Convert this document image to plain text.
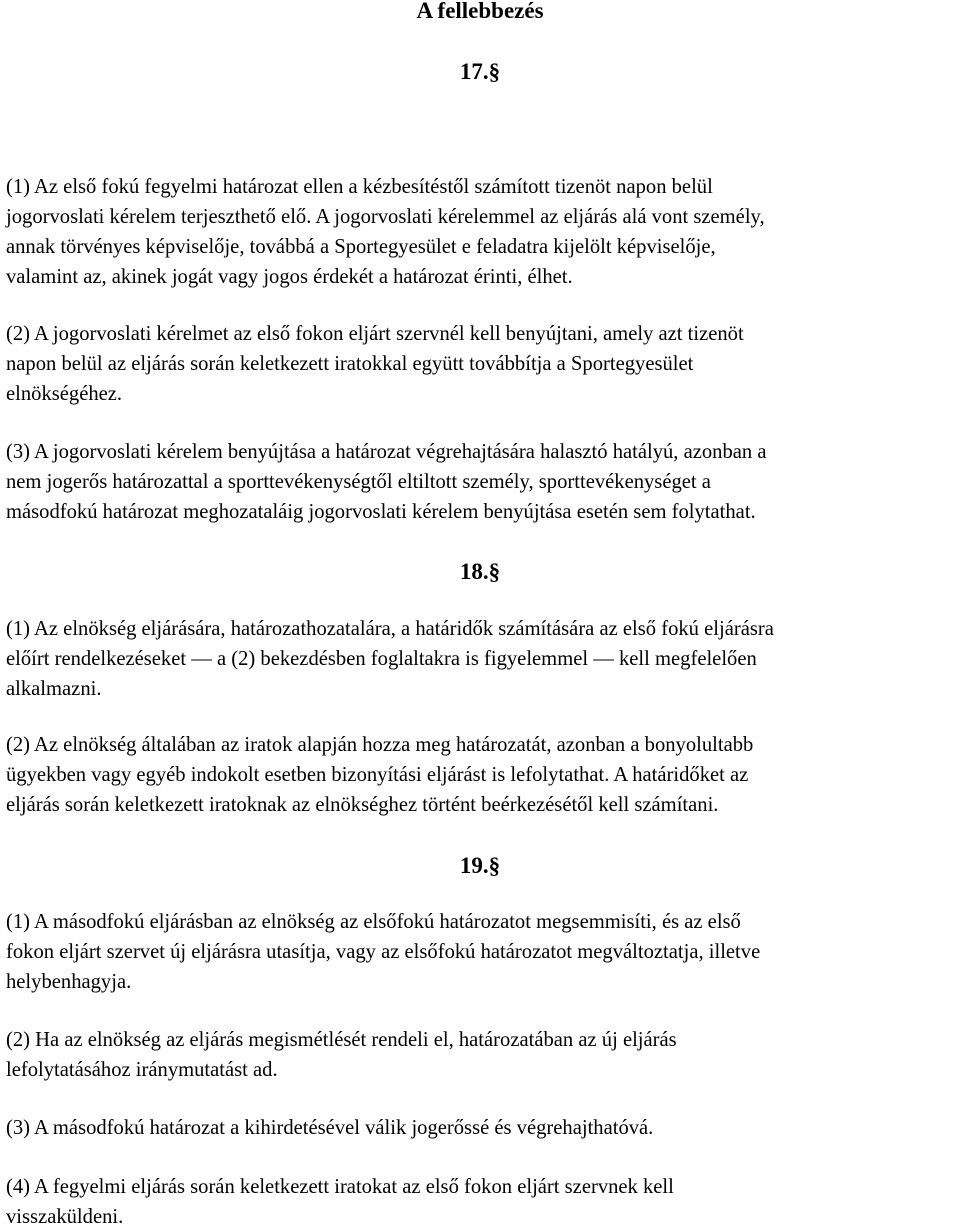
A fellebbezés
17.§
(1) Az első fokú fegyelmi határozat ellen a kézbesítéstől számított tizenöt napon belül
jogorvoslati kérelem terjeszthető elő. A jogorvoslati kérelemmel az eljárás alá vont személy,
annak törvényes képviselője, továbbá a Sportegyesület e feladatra kijelölt képviselője,
valamint az, akinek jogát vagy jogos érdekét a határozat érinti, élhet.
(2) A jogorvoslati kérelmet az első fokon eljárt szervnél kell benyújtani, amely azt tizenöt
napon belül az eljárás során keletkezett iratokkal együtt továbbítja a Sportegyesület
elnökségéhez.
(3) A jogorvoslati kérelem benyújtása a határozat végrehajtására halasztó hatályú, azonban a
nem jogerős határozattal a sporttevékenységtől eltiltott személy, sporttevékenységet a
másodfokú határozat meghozataláig jogorvoslati kérelem benyújtása esetén sem folytathat.
18.§
(1) Az elnökség eljárására, határozathozatalára, a határidők számítására az első fokú eljárásra
előírt rendelkezéseket — a (2) bekezdésben foglaltakra is figyelemmel — kell megfelelően
alkalmazni.
(2) Az elnökség általában az iratok alapján hozza meg határozatát, azonban a bonyolultabb
ügyekben vagy egyéb indokolt esetben bizonyítási eljárást is lefolytathat. A határidőket az
eljárás során keletkezett iratoknak az elnökséghez történt beérkezésétől kell számítani.
19.§
(1) A másodfokú eljárásban az elnökség az elsőfokú határozatot megsemmisíti, és az első
fokon eljárt szervet új eljárásra utasítja, vagy az elsőfokú határozatot megváltoztatja, illetve
helybenhagyja.
(2) Ha az elnökség az eljárás megismétlését rendeli el, határozatában az új eljárás
lefolytatásához iránymutatást ad.
(3) A másodfokú határozat a kihirdetésével válik jogerőssé és végrehajthatóvá.
(4) A fegyelmi eljárás során keletkezett iratokat az első fokon eljárt szervnek kell
visszaküldeni.
